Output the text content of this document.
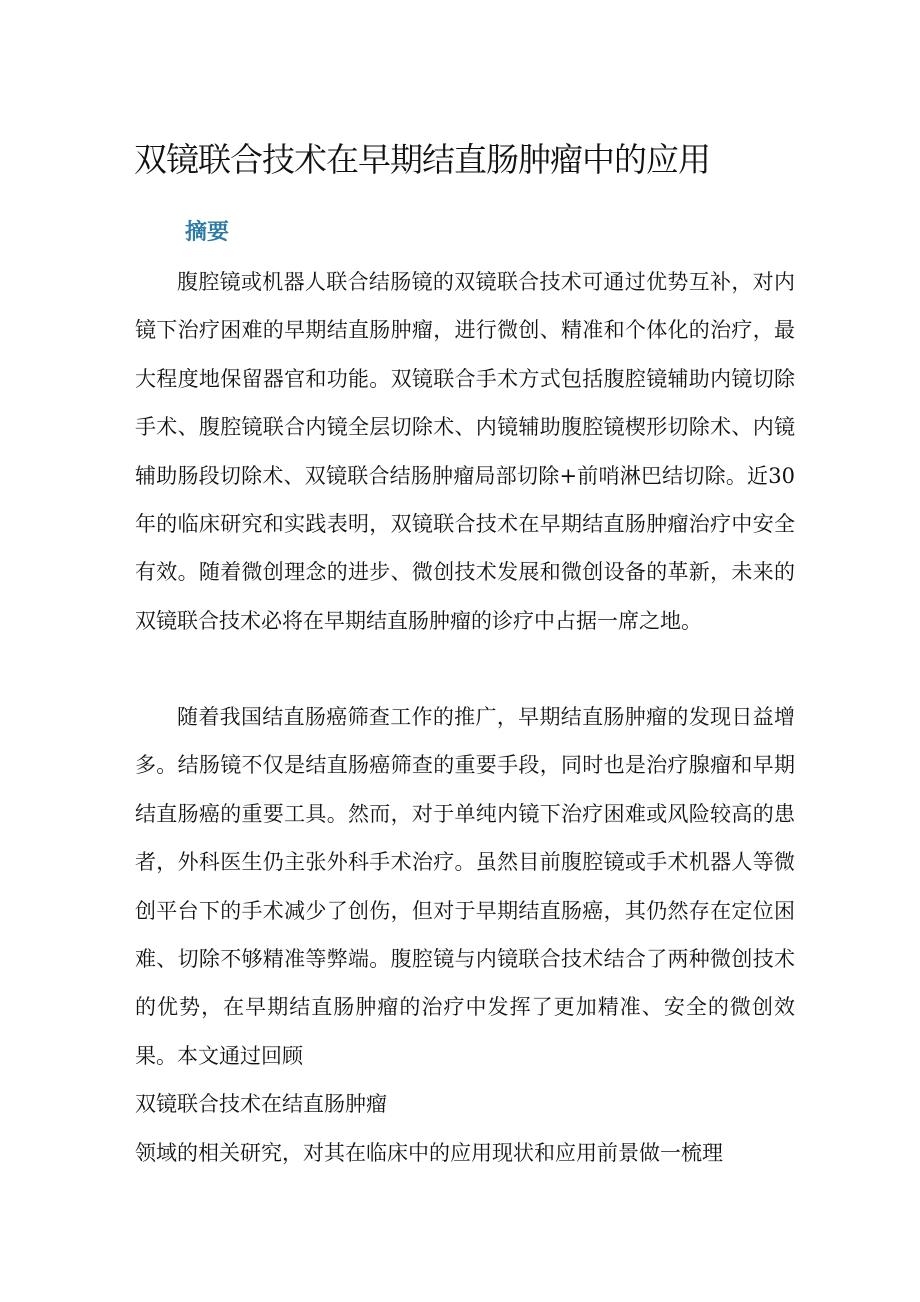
双镜联合技术在早期结直肠肿瘤中的应用
摘要

腹腔镜或机器人联合结肠镜的双镜联合技术可通过优势互补，对内镜下治疗困难的早期结直肠肿瘤，进行微创、精准和个体化的治疗，最大程度地保留器官和功能。双镜联合手术方式包括腹腔镜辅助内镜切除手术、腹腔镜联合内镜全层切除术、内镜辅助腹腔镜楔形切除术、内镜辅助肠段切除术、双镜联合结肠肿瘤局部切除+前哨淋巴结切除。近30年的临床研究和实践表明，双镜联合技术在早期结直肠肿瘤治疗中安全有效。随着微创理念的进步、微创技术发展和微创设备的革新，未来的双镜联合技术必将在早期结直肠肿瘤的诊疗中占据一席之地。

随着我国结直肠癌筛查工作的推广，早期结直肠肿瘤的发现日益增多。结肠镜不仅是结直肠癌筛查的重要手段，同时也是治疗腺瘤和早期结直肠癌的重要工具。然而，对于单纯内镜下治疗困难或风险较高的患者，外科医生仍主张外科手术治疗。虽然目前腹腔镜或手术机器人等微创平台下的手术减少了创伤，但对于早期结直肠癌，其仍然存在定位困难、切除不够精准等弊端。腹腔镜与内镜联合技术结合了两种微创技术的优势，在早期结直肠肿瘤的治疗中发挥了更加精准、安全的微创效果。本文通过回顾

双镜联合技术在结直肠肿瘤

领域的相关研究，对其在临床中的应用现状和应用前景做一梳理
